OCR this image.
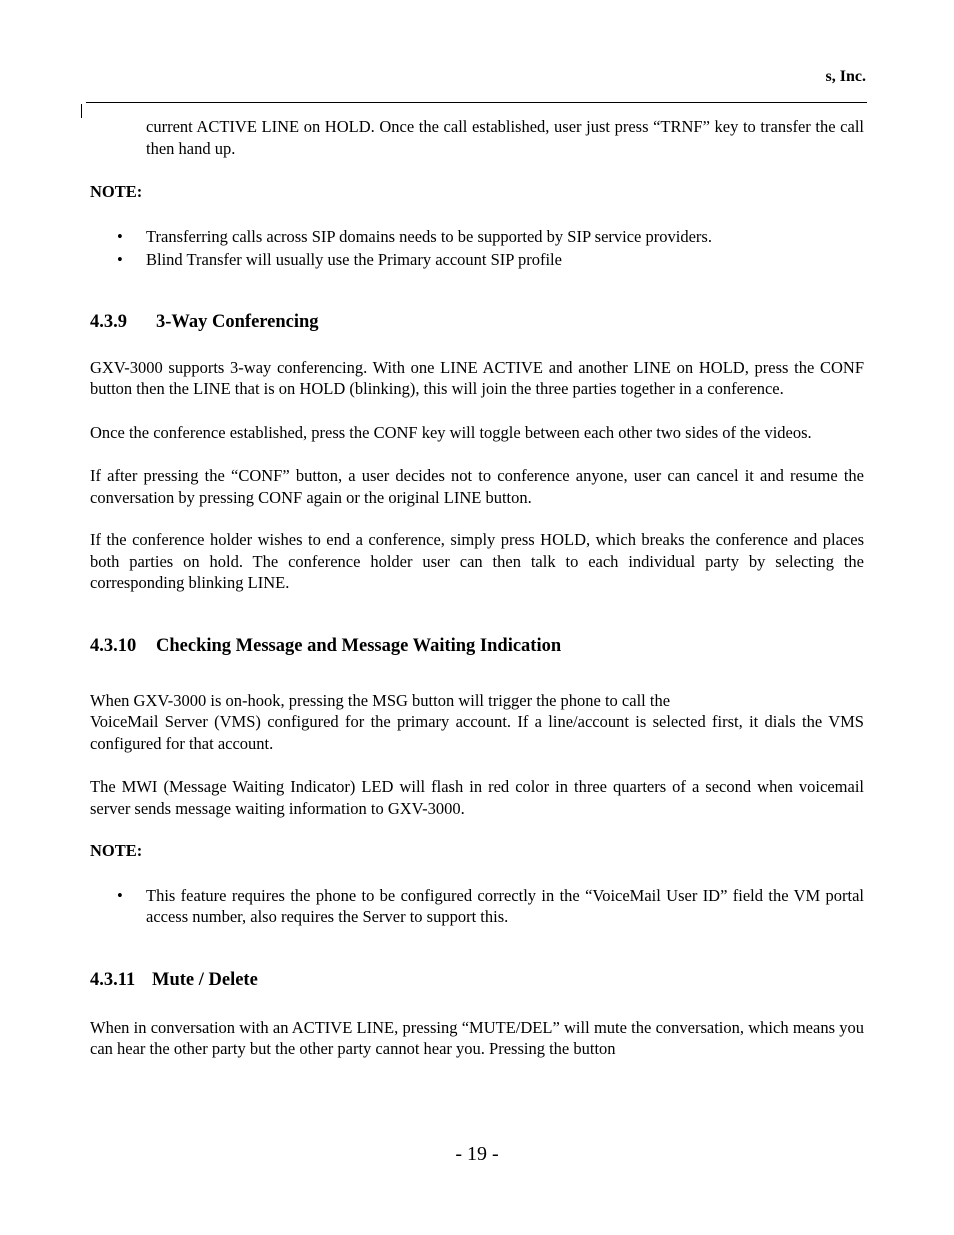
s, Inc.

current ACTIVE LINE on HOLD. Once the call established, user just press “TRNF” key to transfer the call then hand up.

NOTE:

• Transferring calls across SIP domains needs to be supported by SIP service providers.
• Blind Transfer will usually use the Primary account SIP profile
4.3.9 3-Way Conferencing

GXV-3000 supports 3-way conferencing. With one LINE ACTIVE and another LINE on HOLD, press the CONF button then the LINE that is on HOLD (blinking), this will join the three parties together in a conference.

Once the conference established, press the CONF key will toggle between each other two sides of the videos.

If after pressing the “CONF” button, a user decides not to conference anyone, user can cancel it and resume the conversation by pressing CONF again or the original LINE button.

If the conference holder wishes to end a conference, simply press HOLD, which breaks the conference and places both parties on hold. The conference holder user can then talk to each individual party by selecting the corresponding blinking LINE.

4.3.10 Checking Message and Message Waiting Indication

When GXV-3000 is on-hook, pressing the MSG button will trigger the phone to call the

VoiceMail Server (VMS) configured for the primary account. If a line/account is selected first, it dials the VMS configured for that account.

The MWI (Message Waiting Indicator) LED will flash in red color in three quarters of a second when voicemail server sends message waiting information to GXV-3000.

NOTE:

• This feature requires the phone to be configured correctly in the “VoiceMail User ID” field the VM portal access number, also requires the Server to support this.
4.3.11 Mute / Delete

When in conversation with an ACTIVE LINE, pressing “MUTE/DEL” will mute the conversation, which means you can hear the other party but the other party cannot hear you. Pressing the button

- 19 -
